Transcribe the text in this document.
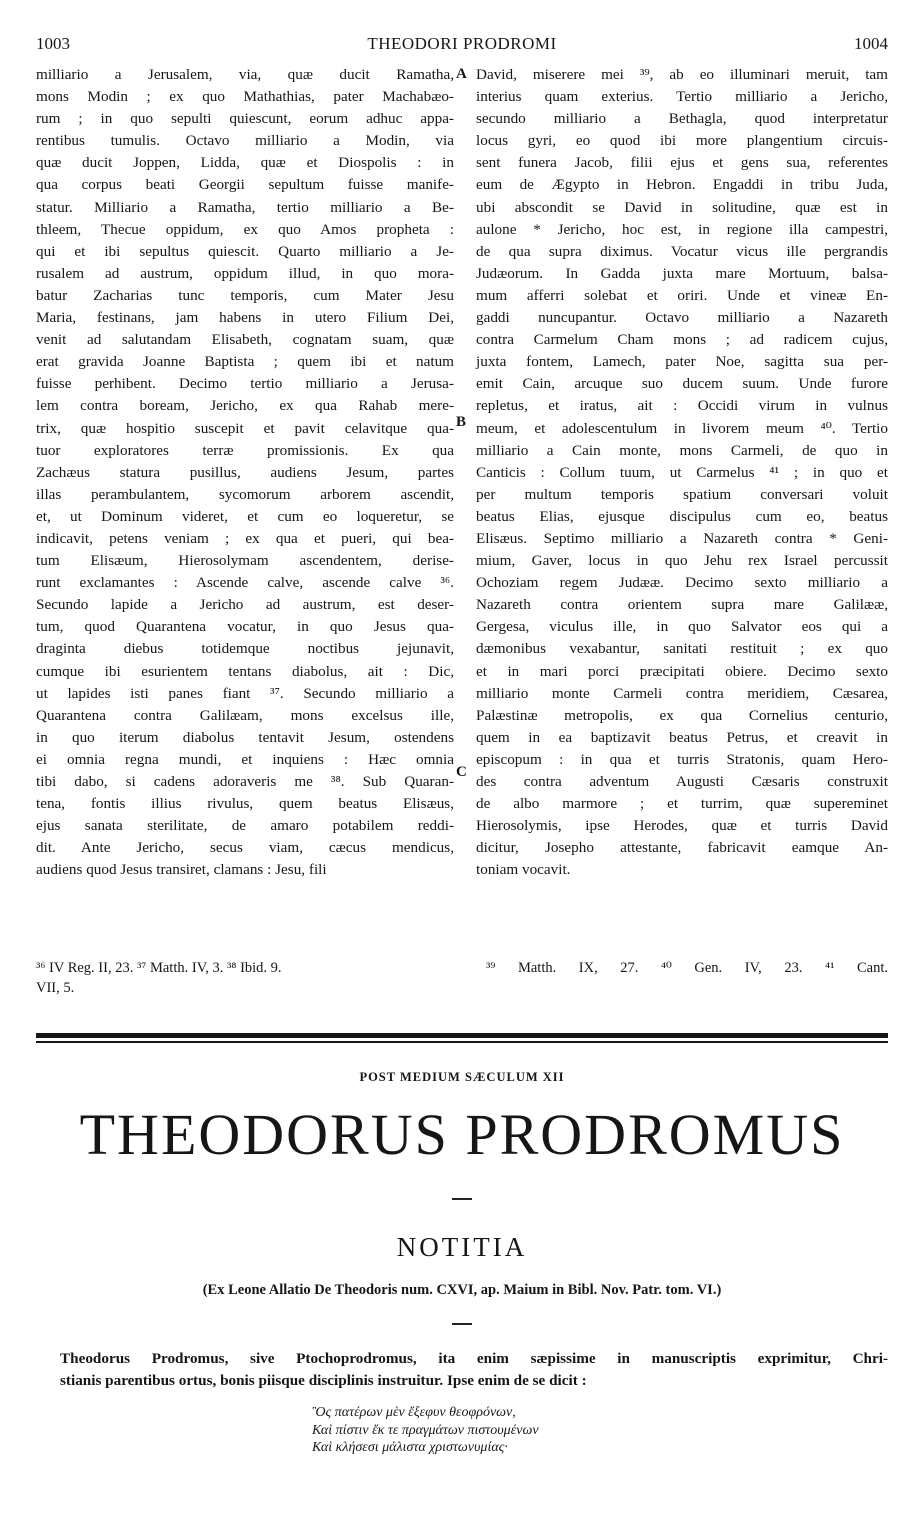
1003	THEODORI PRODROMI	1004
milliario a Jerusalem, via, quæ ducit Ramatha,
mons Modin ; ex quo Mathathias, pater Machabæo-
rum ; in quo sepulti quiescunt, eorum adhuc appa-
rentibus tumulis. Octavo milliario a Modin, via
quæ ducit Joppen, Lidda, quæ et Diospolis : in
qua corpus beati Georgii sepultum fuisse manife-
statur. Milliario a Ramatha, tertio milliario a Be-
thleem, Thecue oppidum, ex quo Amos propheta :
qui et ibi sepultus quiescit. Quarto milliario a Je-
rusalem ad austrum, oppidum illud, in quo mora-
batur Zacharias tunc temporis, cum Mater Jesu
Maria, festinans, jam habens in utero Filium Dei,
venit ad salutandam Elisabeth, cognatam suam, quæ
erat gravida Joanne Baptista ; quem ibi et natum
fuisse perhibent. Decimo tertio milliario a Jerusa-
lem contra boream, Jericho, ex qua Rahab mere-
trix, quæ hospitio suscepit et pavit celavitque qua-
tuor exploratores terræ promissionis. Ex qua
Zachæus statura pusillus, audiens Jesum, partes
illas perambulantem, sycomorum arborem ascendit,
et, ut Dominum videret, et cum eo loqueretur, se
indicavit, petens veniam ; ex qua et pueri, qui bea-
tum Elisæum, Hierosolymam ascendentem, derise-
runt exclamantes : Ascende calve, ascende calve ³⁶.
Secundo lapide a Jericho ad austrum, est deser-
tum, quod Quarantena vocatur, in quo Jesus qua-
draginta diebus totidemque noctibus jejunavit,
cumque ibi esurientem tentans diabolus, ait : Dic,
ut lapides isti panes fiant ³⁷. Secundo milliario a
Quarantena contra Galilæam, mons excelsus ille,
in quo iterum diabolus tentavit Jesum, ostendens
ei omnia regna mundi, et inquiens : Hæc omnia
tibi dabo, si cadens adoraveris me ³⁸. Sub Quaran-
tena, fontis illius rivulus, quem beatus Elisæus,
ejus sanata sterilitate, de amaro potabilem reddi-
dit. Ante Jericho, secus viam, cæcus mendicus,
audiens quod Jesus transiret, clamans : Jesu, fili
David, miserere mei ³⁹, ab eo illuminari meruit, tam
interius quam exterius. Tertio milliario a Jericho,
secundo milliario a Bethagla, quod interpretatur
locus gyri, eo quod ibi more plangentium circuis-
sent funera Jacob, filii ejus et gens sua, referentes
eum de Ægypto in Hebron. Engaddi in tribu Juda,
ubi abscondit se David in solitudine, quæ est in
aulone * Jericho, hoc est, in regione illa campestri,
de qua supra diximus. Vocatur vicus ille pergrandis
Judæorum. In Gadda juxta mare Mortuum, balsa-
mum afferri solebat et oriri. Unde et vineæ En-
gaddi nuncupantur. Octavo milliario a Nazareth
contra Carmelum Cham mons ; ad radicem cujus,
juxta fontem, Lamech, pater Noe, sagitta sua per-
emit Cain, arcuque suo ducem suum. Unde furore
repletus, et iratus, ait : Occidi virum in vulnus
meum, et adolescentulum in livorem meum ⁴⁰. Tertio
milliario a Cain monte, mons Carmeli, de quo in
Canticis : Collum tuum, ut Carmelus ⁴¹ ; in quo et
per multum temporis spatium conversari voluit
beatus Elias, ejusque discipulus cum eo, beatus
Elisæus. Septimo milliario a Nazareth contra * Geni-
mium, Gaver, locus in quo Jehu rex Israel percussit
Ochoziam regem Judææ. Decimo sexto milliario a
Nazareth contra orientem supra mare Galilææ,
Gergesa, viculus ille, in quo Salvator eos qui a
dæmonibus vexabantur, sanitati restituit ; ex quo
et in mari porci præcipitati obiere. Decimo sexto
milliario monte Carmeli contra meridiem, Cæsarea,
Palæstinæ metropolis, ex qua Cornelius centurio,
quem in ea baptizavit beatus Petrus, et creavit in
episcopum : in qua et turris Stratonis, quam Hero-
des contra adventum Augusti Cæsaris construxit
de albo marmore ; et turrim, quæ supereminet
Hierosolymis, ipse Herodes, quæ et turris David
dicitur, Josepho attestante, fabricavit eamque An-
toniam vocavit.
A
B
C
³⁶ IV Reg. II, 23. ³⁷ Matth. IV, 3. ³⁸ Ibid. 9.
VII, 5.
³⁹ Matth. IX, 27. ⁴⁰ Gen. IV, 23. ⁴¹ Cant.
POST MEDIUM SÆCULUM XII
THEODORUS PRODROMUS
NOTITIA
(Ex Leone Allatio De Theodoris num. CXVI, ap. Maium in Bibl. Nov. Patr. tom. VI.)
Theodorus Prodromus, sive Ptochoprodromus, ita enim sæpissime in manuscriptis exprimitur, Chri-
stianis parentibus ortus, bonis piisque disciplinis instruitur. Ipse enim de se dicit :
Ὃς πατέρων μὲν ἔξεφυν θεοφρόνων,
Καὶ πίστιν ἔκ τε πραγμάτων πιστουμένων
Καὶ κλήσεσι μάλιστα χριστωνυμίας·
